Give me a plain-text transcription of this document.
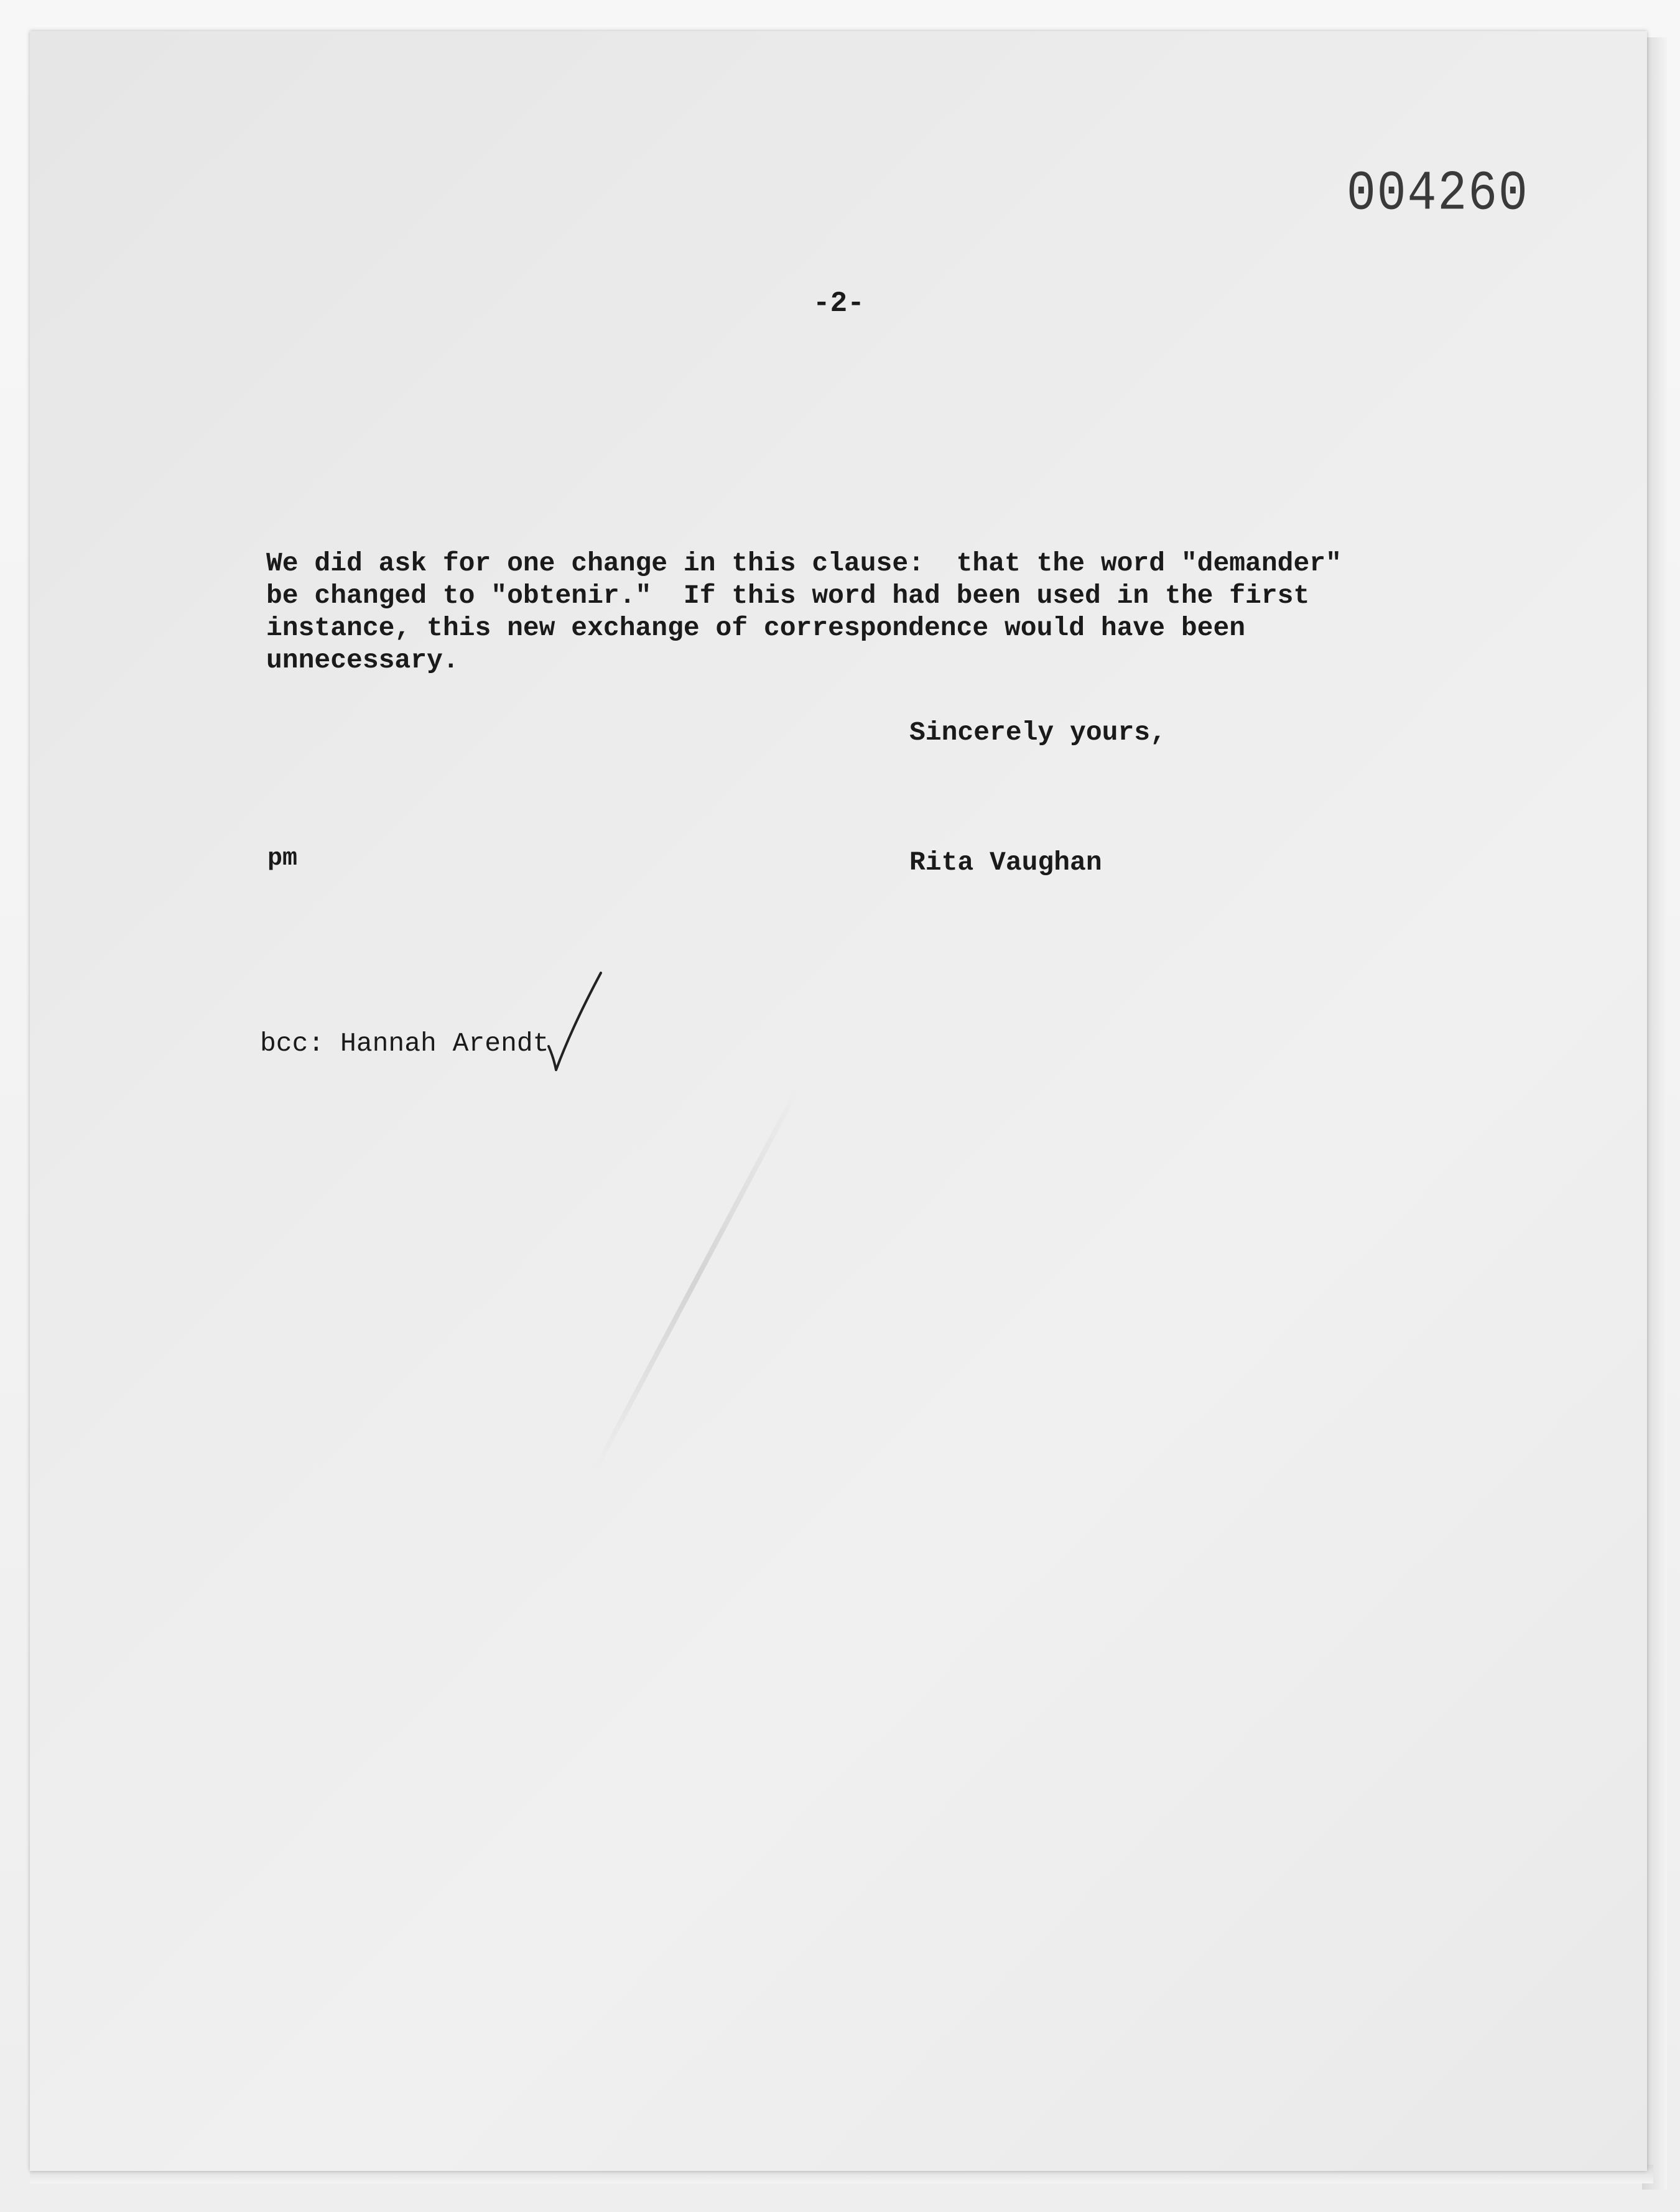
004260
-2-
We did ask for one change in this clause:  that the word "demander"
be changed to "obtenir."  If this word had been used in the first
instance, this new exchange of correspondence would have been
unnecessary.
Sincerely yours,
pm	Rita Vaughan
bcc: Hannah Arendt
